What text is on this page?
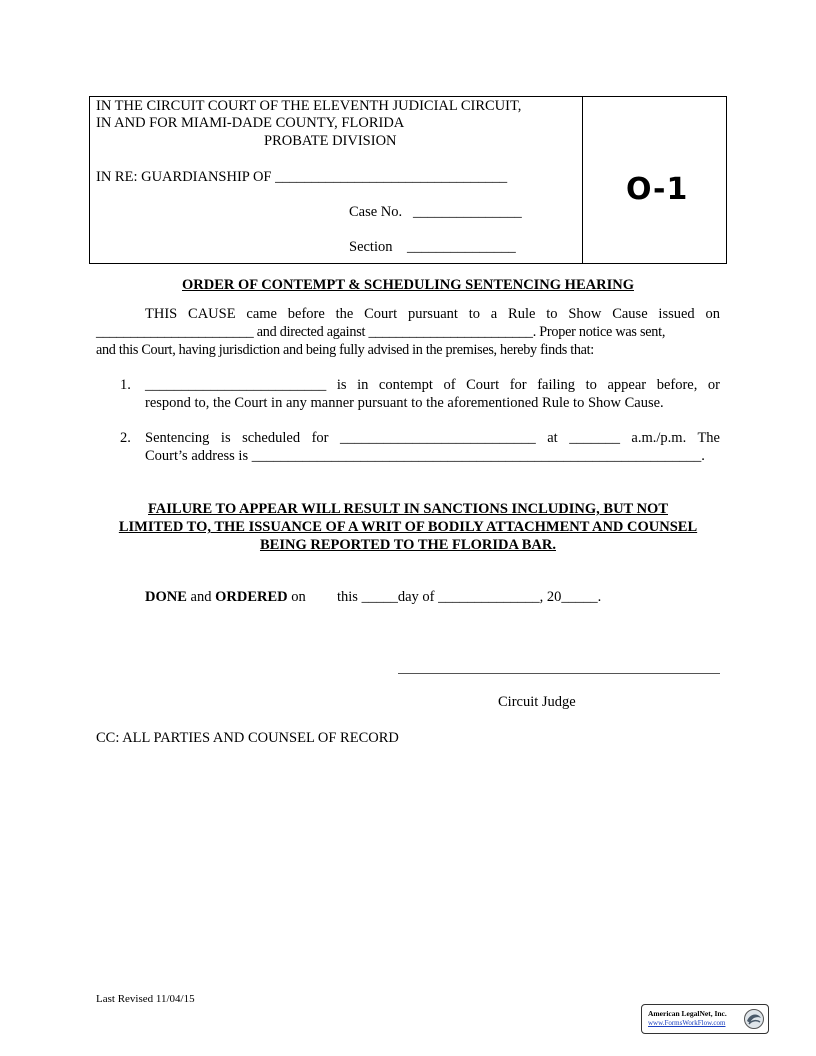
IN THE CIRCUIT COURT OF THE ELEVENTH JUDICIAL CIRCUIT,
IN AND FOR MIAMI-DADE COUNTY, FLORIDA
PROBATE DIVISION
IN RE: GUARDIANSHIP OF ________________________________
Case No.   _______________
Section    _______________
O-1
ORDER OF CONTEMPT & SCHEDULING SENTENCING HEARING
THIS CAUSE came before the Court pursuant to a Rule to Show Cause issued on
_______________________ and directed against ________________________. Proper notice was sent,
and this Court, having jurisdiction and being fully advised in the premises, hereby finds that:
1. _________________________ is in contempt of Court for failing to appear before, or
respond to, the Court in any manner pursuant to the aforementioned Rule to Show Cause.
2. Sentencing is scheduled for ___________________________ at _______ a.m./p.m. The
Court’s address is ______________________________________________________________.
FAILURE TO APPEAR WILL RESULT IN SANCTIONS INCLUDING, BUT NOT
LIMITED TO, THE ISSUANCE OF A WRIT OF BODILY ATTACHMENT AND COUNSEL
BEING REPORTED TO THE FLORIDA BAR.
DONE and ORDERED on this _____day of ______________, 20_____.
Circuit Judge
CC: ALL PARTIES AND COUNSEL OF RECORD
Last Revised 11/04/15
American LegalNet, Inc.
www.FormsWorkFlow.com
